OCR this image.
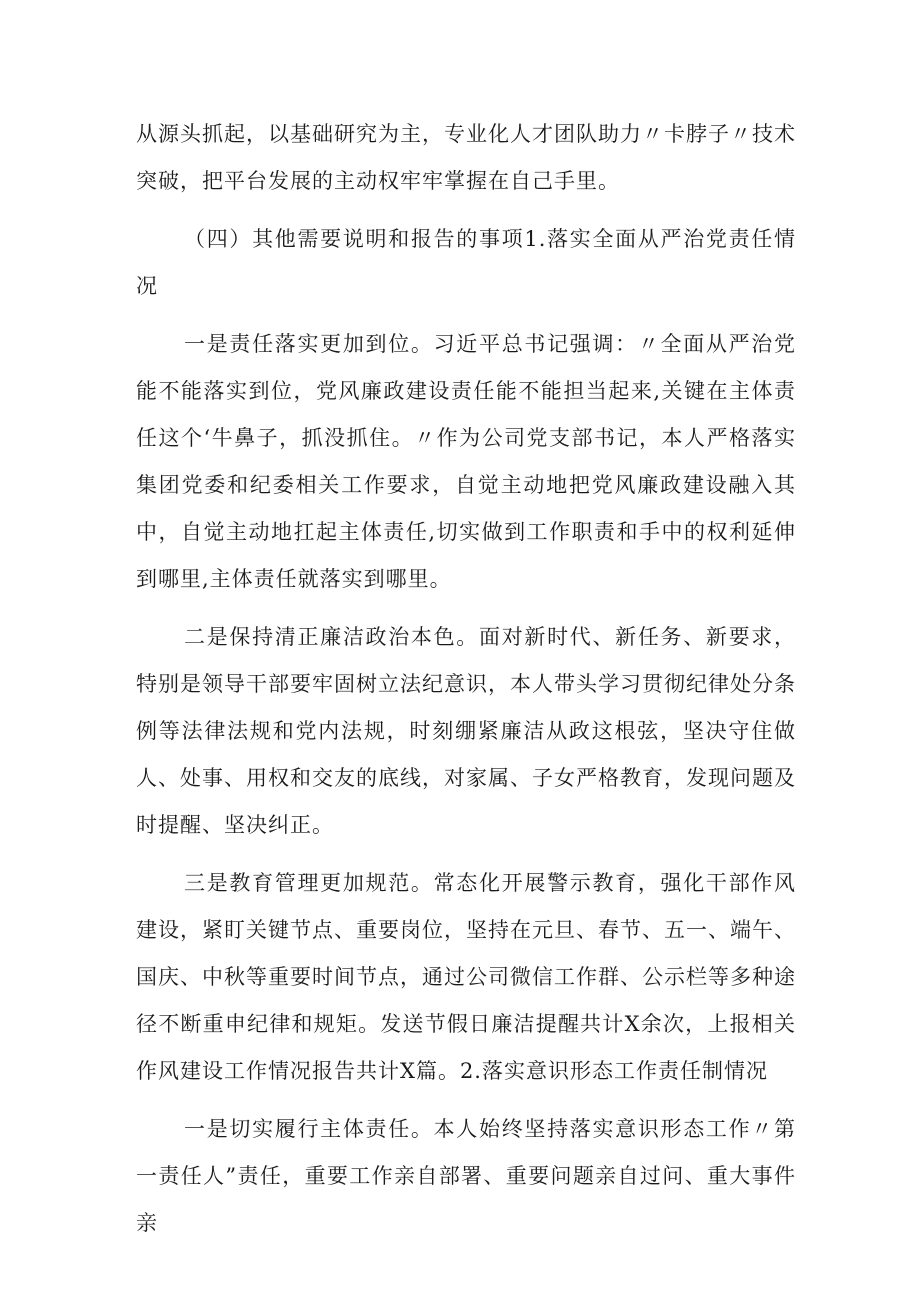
从源头抓起，以基础研究为主，专业化人才团队助力〃卡脖子〃技术突破，把平台发展的主动权牢牢掌握在自己手里。

（四）其他需要说明和报告的事项1.落实全面从严治党责任情况

一是责任落实更加到位。习近平总书记强调：〃全面从严治党能不能落实到位，党风廉政建设责任能不能担当起来,关键在主体责任这个‘牛鼻子，抓没抓住。〃作为公司党支部书记，本人严格落实集团党委和纪委相关工作要求，自觉主动地把党风廉政建设融入其中，自觉主动地扛起主体责任,切实做到工作职责和手中的权利延伸到哪里,主体责任就落实到哪里。

二是保持清正廉洁政治本色。面对新时代、新任务、新要求，特别是领导干部要牢固树立法纪意识，本人带头学习贯彻纪律处分条例等法律法规和党内法规，时刻绷紧廉洁从政这根弦，坚决守住做人、处事、用权和交友的底线，对家属、子女严格教育，发现问题及时提醒、坚决纠正。

三是教育管理更加规范。常态化开展警示教育，强化干部作风建设，紧盯关键节点、重要岗位，坚持在元旦、春节、五一、端午、国庆、中秋等重要时间节点，通过公司微信工作群、公示栏等多种途径不断重申纪律和规矩。发送节假日廉洁提醒共计X余次，上报相关作风建设工作情况报告共计X篇。2.落实意识形态工作责任制情况

一是切实履行主体责任。本人始终坚持落实意识形态工作〃第一责任人”责任，重要工作亲自部署、重要问题亲自过问、重大事件亲
